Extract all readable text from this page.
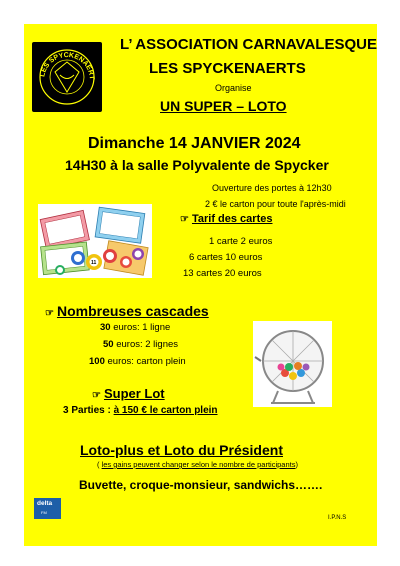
LES SPYCKENAERT
L’ ASSOCIATION CARNAVALESQUE
LES SPYCKENAERTS
Organise
UN SUPER – LOTO
Dimanche 14 JANVIER 2024
14H30 à la salle Polyvalente de Spycker
Ouverture des portes à 12h30
2 € le carton pour toute l'après-midi
11
☞ Tarif des cartes
1 carte 2 euros
6 cartes 10 euros
13 cartes 20 euros
☞ Nombreuses cascades
30 euros: 1 ligne
50 euros: 2 lignes
100 euros: carton plein
☞ Super Lot
3 Parties : à 150 € le carton plein
Loto-plus et Loto du Président
( les gains peuvent changer selon le nombre de participants)
Buvette, croque-monsieur, sandwichs…….
delta
FM
I.P.N.S
